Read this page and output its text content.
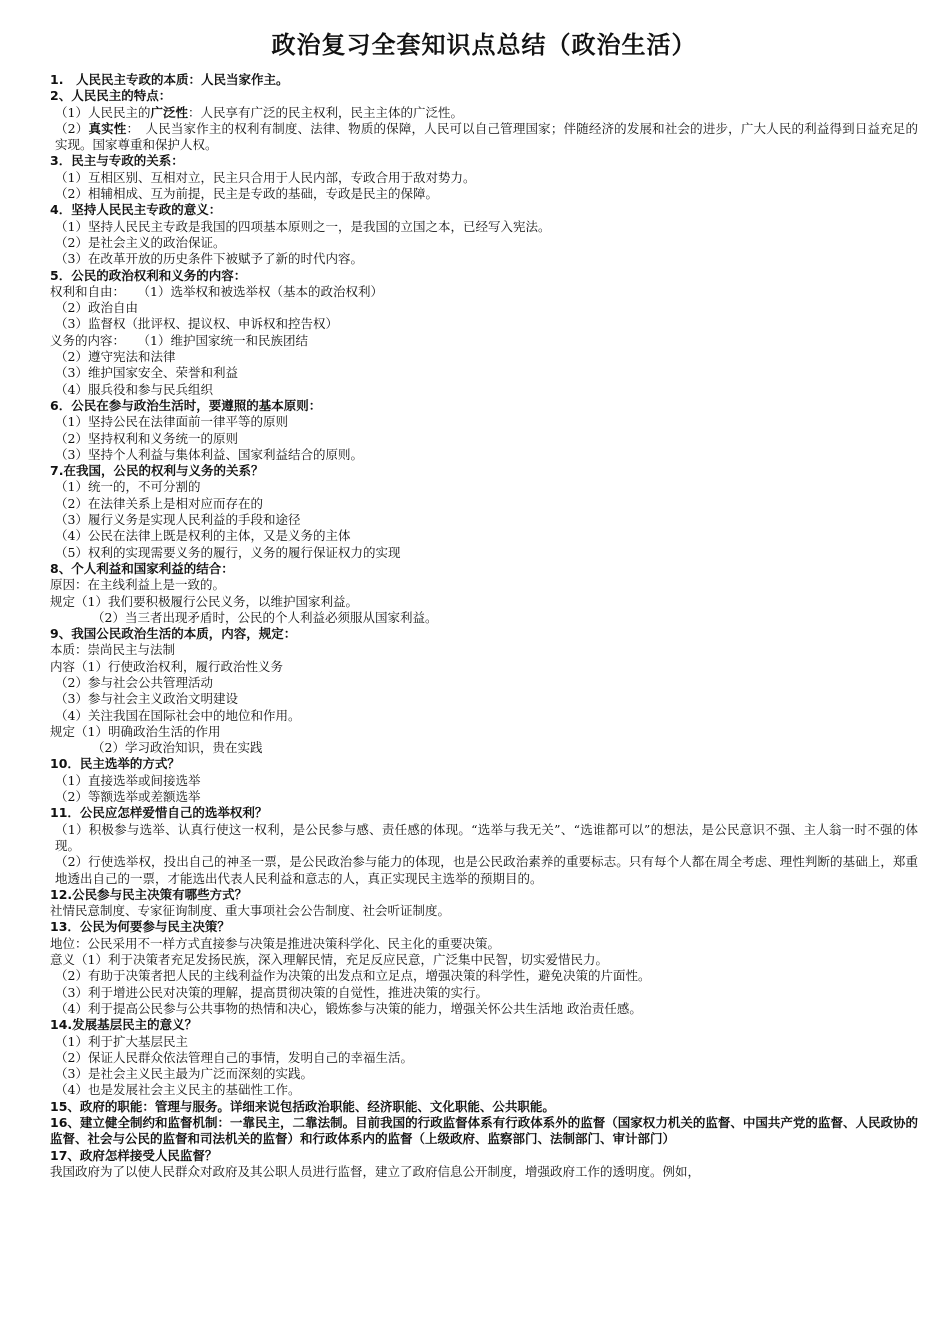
政治复习全套知识点总结（政治生活）
1.　人民民主专政的本质：人民当家作主。
2、人民民主的特点：
（1）人民民主的广泛性：人民享有广泛的民主权利，民主主体的广泛性。
（2）真实性：　人民当家作主的权利有制度、法律、物质的保障，人民可以自己管理国家；伴随经济的发展和社会的进步，广大人民的利益得到日益充足的实现。国家尊重和保护人权。
3．民主与专政的关系：
（1）互相区别、互相对立，民主只合用于人民内部，专政合用于敌对势力。
（2）相辅相成、互为前提，民主是专政的基础，专政是民主的保障。
4．坚持人民民主专政的意义：
（1）坚持人民民主专政是我国的四项基本原则之一，是我国的立国之本，已经写入宪法。
（2）是社会主义的政治保证。
（3）在改革开放的历史条件下被赋予了新的时代内容。
5．公民的政治权利和义务的内容：
权利和自由：　　（1）选举权和被选举权（基本的政治权利）
（2）政治自由
（3）监督权（批评权、提议权、申诉权和控告权）
义务的内容：　　（1）维护国家统一和民族团结
（2）遵守宪法和法律
（3）维护国家安全、荣誉和利益
（4）服兵役和参与民兵组织
6．公民在参与政治生活时，要遵照的基本原则：
（1）坚持公民在法律面前一律平等的原则
（2）坚持权利和义务统一的原则
（3）坚持个人利益与集体利益、国家利益结合的原则。
7.在我国，公民的权利与义务的关系？
（1）统一的，不可分割的
（2）在法律关系上是相对应而存在的
（3）履行义务是实现人民利益的手段和途径
（4）公民在法律上既是权利的主体，又是义务的主体
（5）权利的实现需要义务的履行，义务的履行保证权力的实现
8、个人利益和国家利益的结合：
原因：在主线利益上是一致的。
规定（1）我们要积极履行公民义务，以维护国家利益。
（2）当三者出现矛盾时，公民的个人利益必须服从国家利益。
9、我国公民政治生活的本质，内容，规定：
本质：崇尚民主与法制
内容（1）行使政治权利，履行政治性义务
（2）参与社会公共管理活动
（3）参与社会主义政治文明建设
（4）关注我国在国际社会中的地位和作用。
规定（1）明确政治生活的作用
（2）学习政治知识，贵在实践
10．民主选举的方式？
（1）直接选举或间接选举
（2）等额选举或差额选举
11．公民应怎样爱惜自己的选举权利？
（1）积极参与选举、认真行使这一权利，是公民参与感、责任感的体现。“选举与我无关”、“选谁都可以”的想法，是公民意识不强、主人翁一时不强的体现。
（2）行使选举权，投出自己的神圣一票，是公民政治参与能力的体现，也是公民政治素养的重要标志。只有每个人都在周全考虑、理性判断的基础上，郑重地透出自己的一票，才能选出代表人民利益和意志的人，真正实现民主选举的预期目的。
12.公民参与民主决策有哪些方式？
社情民意制度、专家征询制度、重大事项社会公告制度、社会听证制度。
13．公民为何要参与民主决策？
地位：公民采用不一样方式直接参与决策是推进决策科学化、民主化的重要决策。
意义（1）利于决策者充足发扬民族，深入理解民情，充足反应民意，广泛集中民智，切实爱惜民力。
（2）有助于决策者把人民的主线利益作为决策的出发点和立足点，增强决策的科学性，避免决策的片面性。
（3）利于增进公民对决策的理解，提高贯彻决策的自觉性，推进决策的实行。
（4）利于提高公民参与公共事物的热情和决心，锻炼参与决策的能力，增强关怀公共生活地 政治责任感。
14.发展基层民主的意义？
（1）利于扩大基层民主
（2）保证人民群众依法管理自己的事情，发明自己的幸福生活。
（3）是社会主义民主最为广泛而深刻的实践。
（4）也是发展社会主义民主的基础性工作。
15、政府的职能：管理与服务。详细来说包括政治职能、经济职能、文化职能、公共职能。
16、建立健全制约和监督机制：一靠民主，二靠法制。目前我国的行政监督体系有行政体系外的监督（国家权力机关的监督、中国共产党的监督、人民政协的监督、社会与公民的监督和司法机关的监督）和行政体系内的监督（上级政府、监察部门、法制部门、审计部门）
17、政府怎样接受人民监督？
我国政府为了以使人民群众对政府及其公职人员进行监督，建立了政府信息公开制度，增强政府工作的透明度。例如，
